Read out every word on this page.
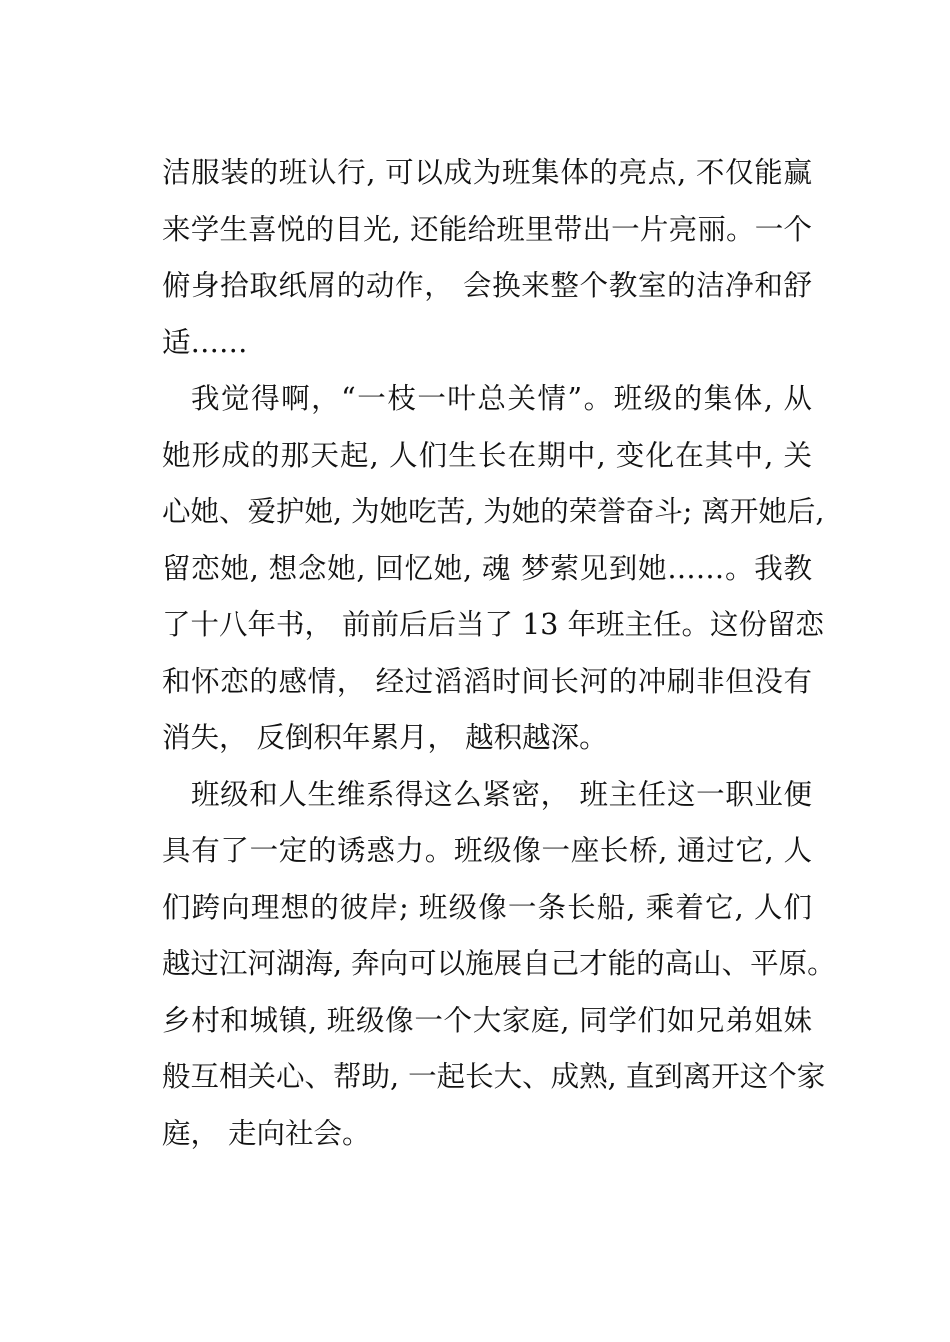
洁服装的班认行, 可以成为班集体的亮点, 不仅能赢
来学生喜悦的目光, 还能给班里带出一片亮丽。一个
俯身拾取纸屑的动作， 会换来整个教室的洁净和舒
适……
我觉得啊，“一枝一叶总关情”。班级的集体, 从
她形成的那天起, 人们生长在期中, 变化在其中, 关
心她、爱护她, 为她吃苦, 为她的荣誉奋斗; 离开她后,
留恋她, 想念她, 回忆她, 魂 梦萦见到她……。我教
了十八年书， 前前后后当了 13 年班主任。这份留恋
和怀恋的感情， 经过滔滔时间长河的冲刷非但没有
消失， 反倒积年累月， 越积越深。
班级和人生维系得这么紧密， 班主任这一职业便
具有了一定的诱惑力。班级像一座长桥, 通过它, 人
们跨向理想的彼岸; 班级像一条长船, 乘着它, 人们
越过江河湖海, 奔向可以施展自己才能的高山、平原。
乡村和城镇, 班级像一个大家庭, 同学们如兄弟姐妹
般互相关心、帮助, 一起长大、成熟, 直到离开这个家
庭， 走向社会。
